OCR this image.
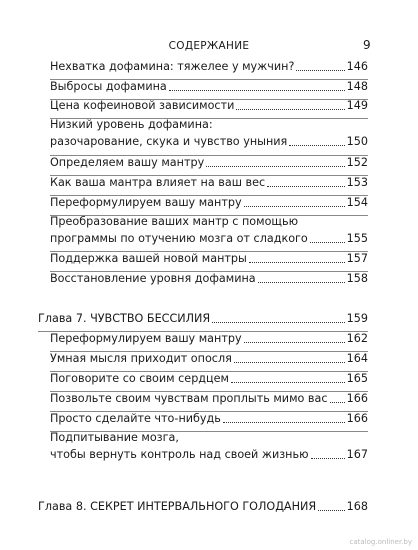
СОДЕРЖАНИЕ	9
Нехватка дофамина: тяжелее у мужчин?	146
Выбросы дофамина	148
Цена кофеиновой зависимости	149
Низкий уровень дофамина:
разочарование, скука и чувство уныния	150
Определяем вашу мантру	152
Как ваша мантра влияет на ваш вес	153
Переформулируем вашу мантру	154
Преобразование ваших мантр с помощью
программы по отучению мозга от сладкого	155
Поддержка вашей новой мантры	157
Восстановление уровня дофамина	158
Глава 7. ЧУВСТВО БЕССИЛИЯ	159
Переформулируем вашу мантру	162
Умная мысля приходит опосля	164
Поговорите со своим сердцем	165
Позвольте своим чувствам проплыть мимо вас 166
Просто сделайте что-нибудь	166
Подпитывание мозга,
чтобы вернуть контроль над своей жизнью	167
Глава 8. СЕКРЕТ ИНТЕРВАЛЬНОГО ГОЛОДАНИЯ	168
catalog.onliner.by
